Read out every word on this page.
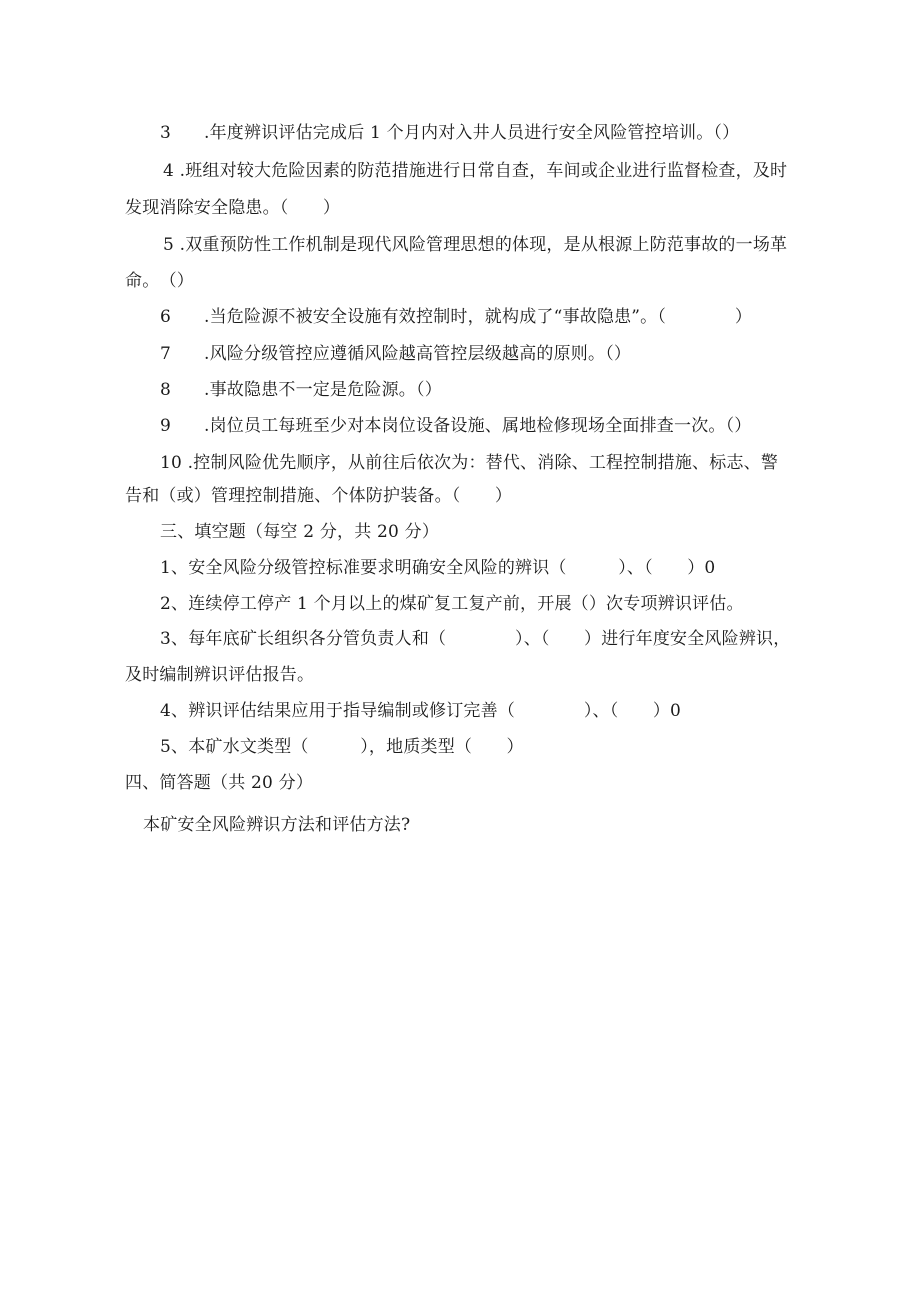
3 .年度辨识评估完成后 1 个月内对入井人员进行安全风险管控培训。（）
4 .班组对较大危险因素的防范措施进行日常自查，车间或企业进行监督检查，及时
发现消除安全隐患。（　　）
5 .双重预防性工作机制是现代风险管理思想的体现，是从根源上防范事故的一场革
命。　（）
6 .当危险源不被安全设施有效控制时，就构成了“事故隐患”。（　　　　）
7 .风险分级管控应遵循风险越高管控层级越高的原则。（）
8 .事故隐患不一定是危险源。（）
9 .岗位员工每班至少对本岗位设备设施、属地检修现场全面排查一次。（）
10 .控制风险优先顺序，从前往后依次为：替代、消除、工程控制措施、标志、警
告和（或）管理控制措施、个体防护装备。（　　）
三、填空题（每空 2 分，共 20 分）
1、安全风险分级管控标准要求明确安全风险的辨识（　　　）、（　　）0
2、连续停工停产 1 个月以上的煤矿复工复产前，开展（）次专项辨识评估。
3、每年底矿长组织各分管负责人和（　　　　）、（　　）进行年度安全风险辨识，
及时编制辨识评估报告。
4、辨识评估结果应用于指导编制或修订完善（　　　　）、（　　）0
5、本矿水文类型（　　　），地质类型（　　）
四、简答题（共 20 分）
本矿安全风险辨识方法和评估方法?
